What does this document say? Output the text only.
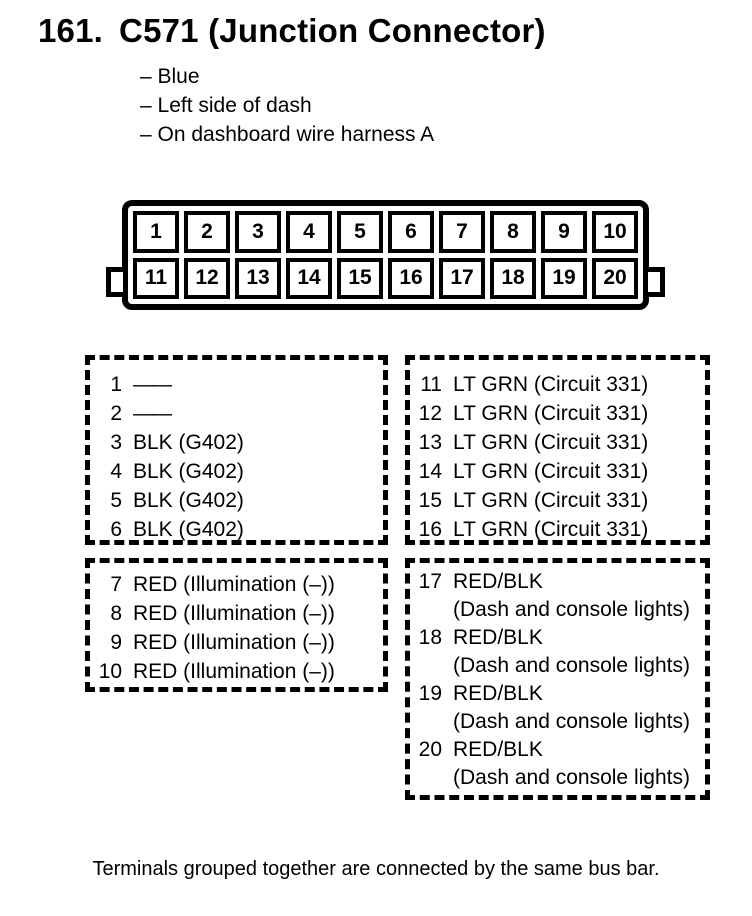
161. C571 (Junction Connector)
– Blue
– Left side of dash
– On dashboard wire harness A
1	2	3	4	5	6	7	8	9	10
11	12	13	14	15	16	17	18	19	20
1 ——
2 ——
3 BLK (G402)
4 BLK (G402)
5 BLK (G402)
6 BLK (G402)
11 LT GRN (Circuit 331)
12 LT GRN (Circuit 331)
13 LT GRN (Circuit 331)
14 LT GRN (Circuit 331)
15 LT GRN (Circuit 331)
16 LT GRN (Circuit 331)
7 RED (Illumination (–))
8 RED (Illumination (–))
9 RED (Illumination (–))
10 RED (Illumination (–))
17 RED/BLK
(Dash and console lights)
18 RED/BLK
(Dash and console lights)
19 RED/BLK
(Dash and console lights)
20 RED/BLK
(Dash and console lights)
Terminals grouped together are connected by the same bus bar.
